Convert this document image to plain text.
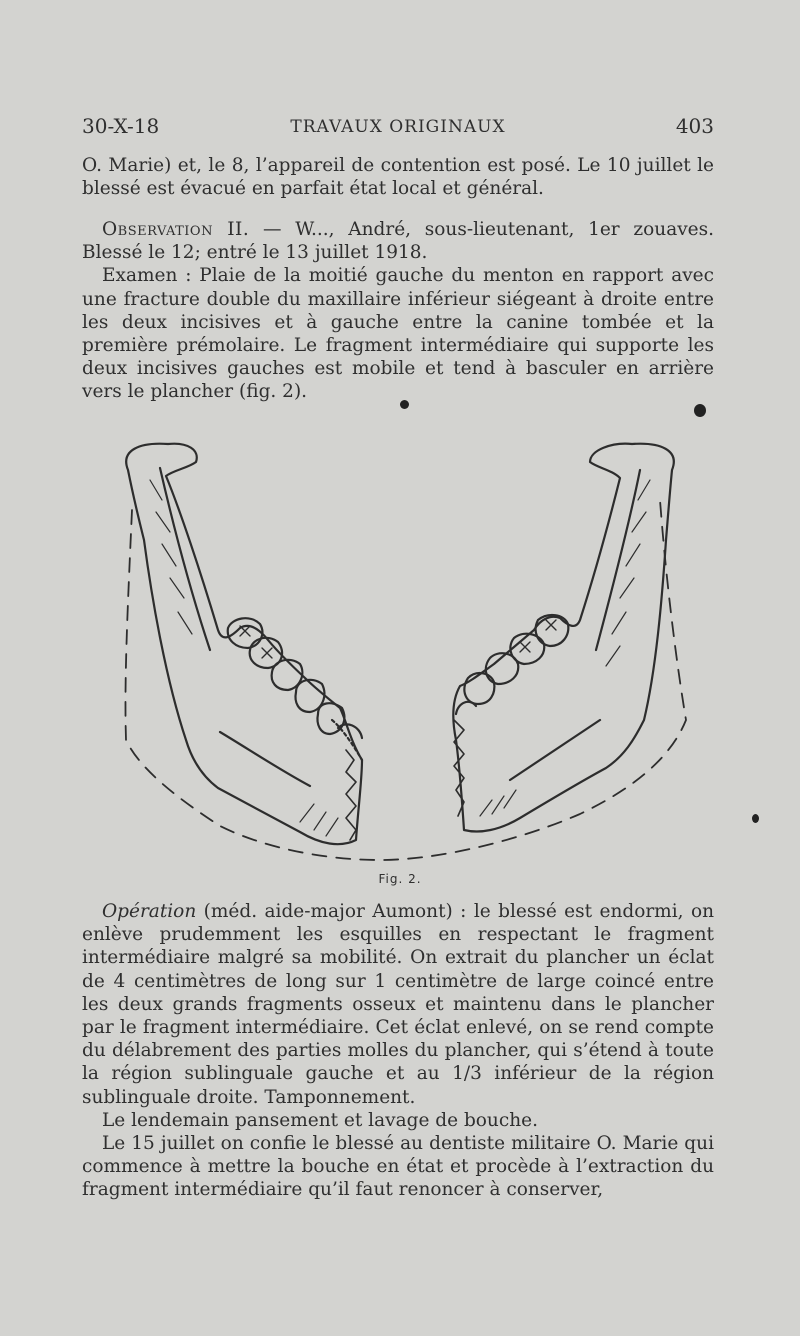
30-X-18	TRAVAUX ORIGINAUX	403

O. Marie) et, le 8, l’appareil de contention est posé. Le 10 juillet le blessé est évacué en parfait état local et général.

Observation II. — W..., André, sous-lieutenant, 1er zouaves. Blessé le 12; entré le 13 juillet 1918.

Examen : Plaie de la moitié gauche du menton en rapport avec une fracture double du maxillaire inférieur siégeant à droite entre les deux incisives et à gauche entre la canine tombée et la première prémolaire. Le fragment intermédiaire qui supporte les deux incisives gauches est mobile et tend à basculer en arrière vers le plancher (fig. 2).

Fig. 2.

Opération (méd. aide-major Aumont) : le blessé est endormi, on enlève prudemment les esquilles en respectant le fragment intermédiaire malgré sa mobilité. On extrait du plancher un éclat de 4 centimètres de long sur 1 centimètre de large coincé entre les deux grands fragments osseux et maintenu dans le plancher par le fragment intermédiaire. Cet éclat enlevé, on se rend compte du délabrement des parties molles du plancher, qui s’étend à toute la région sublinguale gauche et au 1/3 inférieur de la région sublinguale droite. Tamponnement.

Le lendemain pansement et lavage de bouche.

Le 15 juillet on confie le blessé au dentiste militaire O. Marie qui commence à mettre la bouche en état et procède à l’extraction du fragment intermédiaire qu’il faut renoncer à conserver,
